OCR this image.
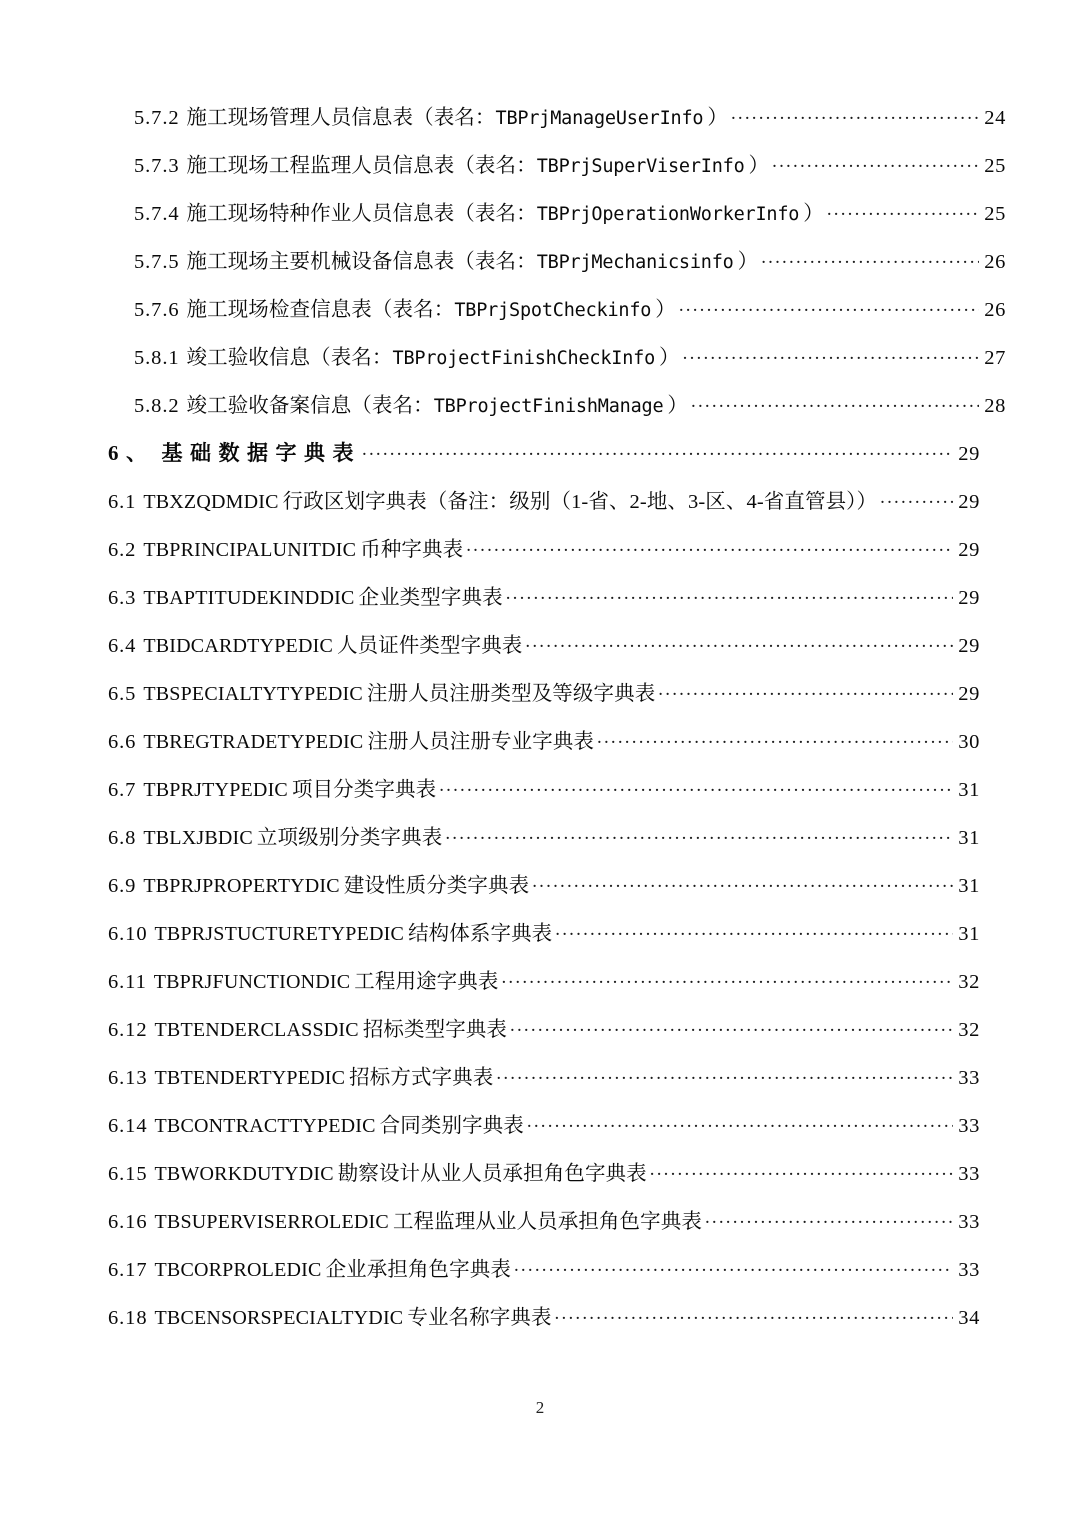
5.7.2 施工现场管理人员信息表（表名：TBPrjManageUserInfo ） .....	24
5.7.3 施工现场工程监理人员信息表（表名：TBPrjSuperViserInfo ） .....	25
5.7.4 施工现场特种作业人员信息表（表名：TBPrjOperationWorkerInfo ） .....	25
5.7.5 施工现场主要机械设备信息表（表名：TBPrjMechanicsinfo ） .....	26
5.7.6 施工现场检查信息表（表名：TBPrjSpotCheckinfo ） .....	26
5.8.1 竣工验收信息（表名：TBProjectFinishCheckInfo ） .....	27
5.8.2 竣工验收备案信息（表名：TBProjectFinishManage ） .....	28
6、 基础数据字典表 .....	29
6.1 TBXZQDMDIC 行政区划字典表（备注：级别（1-省、2-地、3-区、4-省直管县）） .....	29
6.2 TBPRINCIPALUNITDIC 币种字典表 .....	29
6.3 TBAPTITUDEKINDDIC 企业类型字典表 .....	29
6.4 TBIDCARDTYPEDIC 人员证件类型字典表 .....	29
6.5 TBSPECIALTYTYPEDIC 注册人员注册类型及等级字典表 .....	29
6.6 TBREGTRADETYPEDIC 注册人员注册专业字典表 .....	30
6.7 TBPRJTYPEDIC 项目分类字典表 .....	31
6.8 TBLXJBDIC 立项级别分类字典表 .....	31
6.9 TBPRJPROPERTYDIC 建设性质分类字典表 .....	31
6.10 TBPRJSTUCTURETYPEDIC 结构体系字典表 .....	31
6.11 TBPRJFUNCTIONDIC 工程用途字典表 .....	32
6.12 TBTENDERCLASSDIC 招标类型字典表 .....	32
6.13 TBTENDERTYPEDIC 招标方式字典表 .....	33
6.14 TBCONTRACTTYPEDIC 合同类别字典表 .....	33
6.15 TBWORKDUTYDIC 勘察设计从业人员承担角色字典表 .....	33
6.16 TBSUPERVISERROLEDIC 工程监理从业人员承担角色字典表 .....	33
6.17 TBCORPROLEDIC 企业承担角色字典表 .....	33
6.18 TBCENSORSPECIALTYDIC 专业名称字典表 .....	34
2
